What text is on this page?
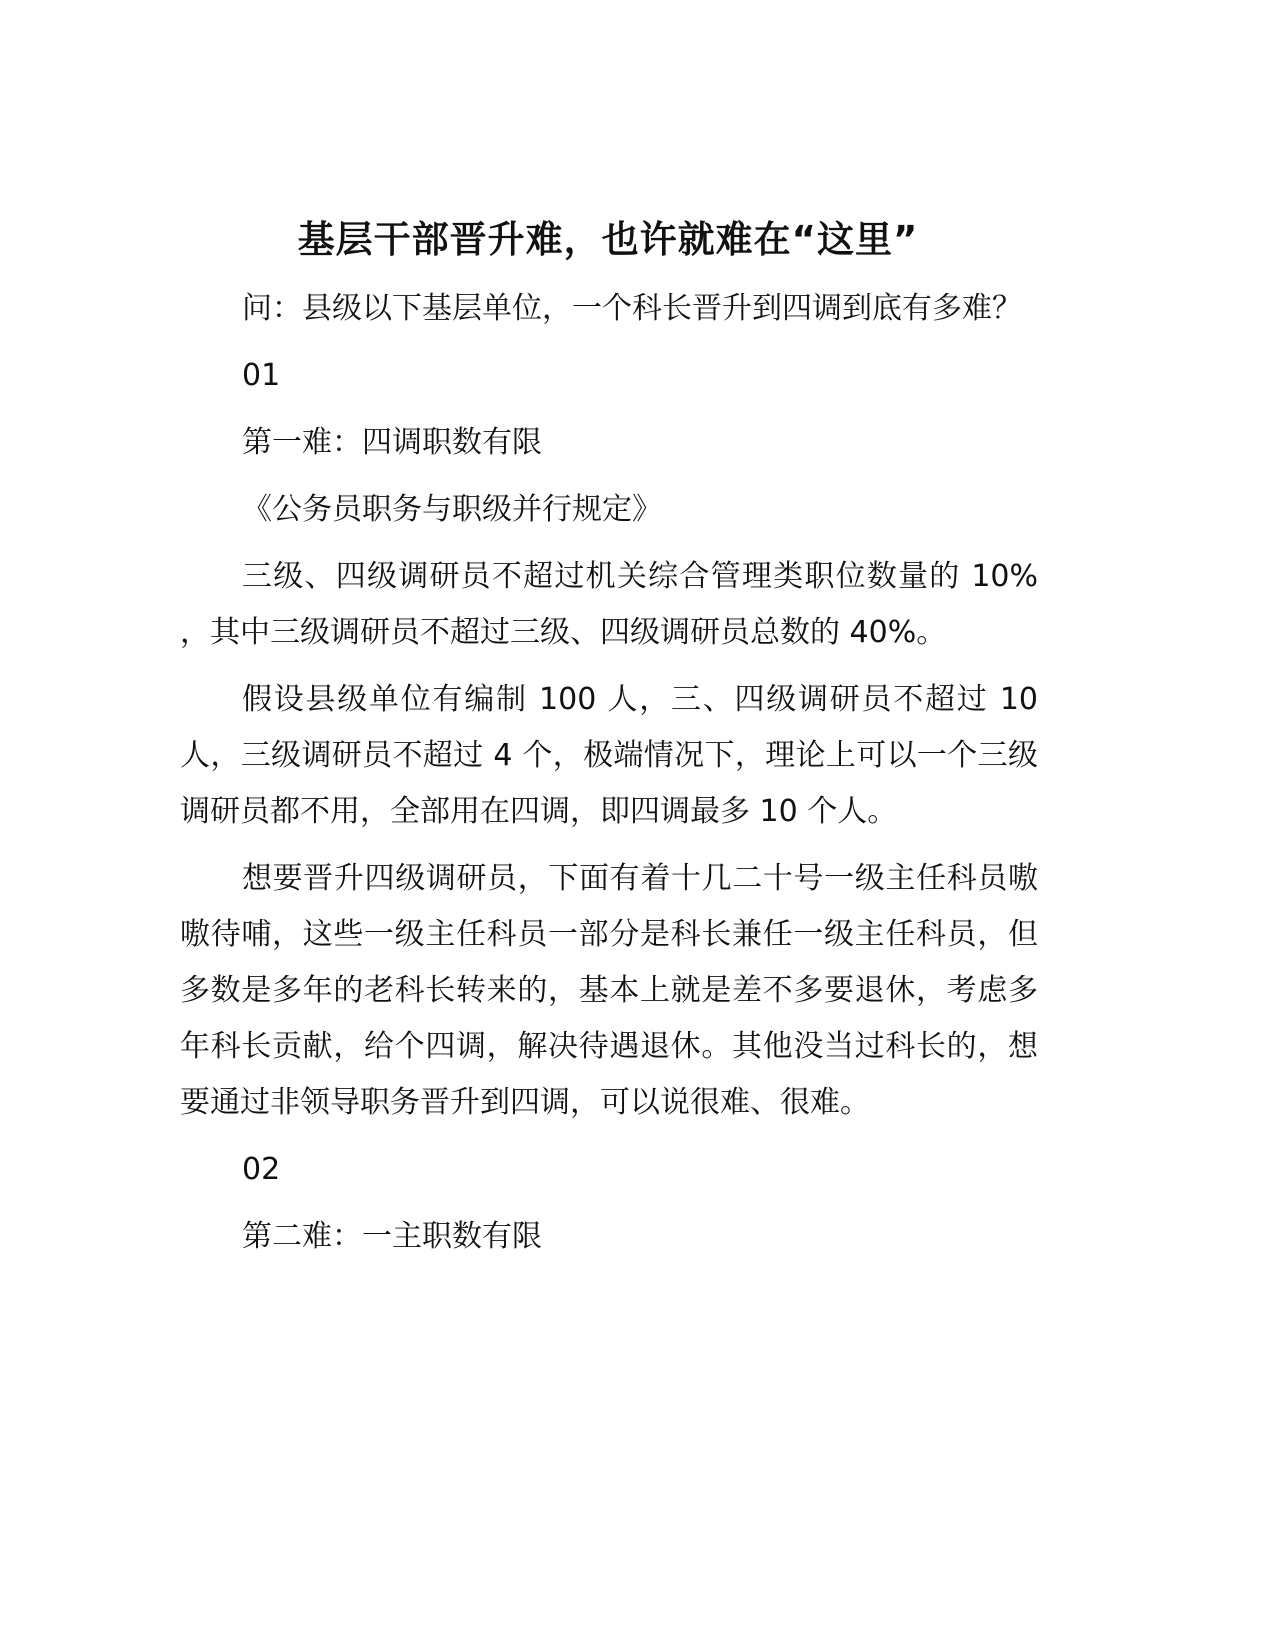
基层干部晋升难，也许就难在“这里”

问：县级以下基层单位，一个科长晋升到四调到底有多难？

01

第一难：四调职数有限

《公务员职务与职级并行规定》

三级、四级调研员不超过机关综合管理类职位数量的 10% ，其中三级调研员不超过三级、四级调研员总数的 40%。

假设县级单位有编制 100 人，三、四级调研员不超过 10 人，三级调研员不超过 4 个，极端情况下，理论上可以一个三级调研员都不用，全部用在四调，即四调最多 10 个人。

想要晋升四级调研员，下面有着十几二十号一级主任科员嗷嗷待哺，这些一级主任科员一部分是科长兼任一级主任科员，但多数是多年的老科长转来的，基本上就是差不多要退休，考虑多年科长贡献，给个四调，解决待遇退休。其他没当过科长的，想要通过非领导职务晋升到四调，可以说很难、很难。

02

第二难：一主职数有限
